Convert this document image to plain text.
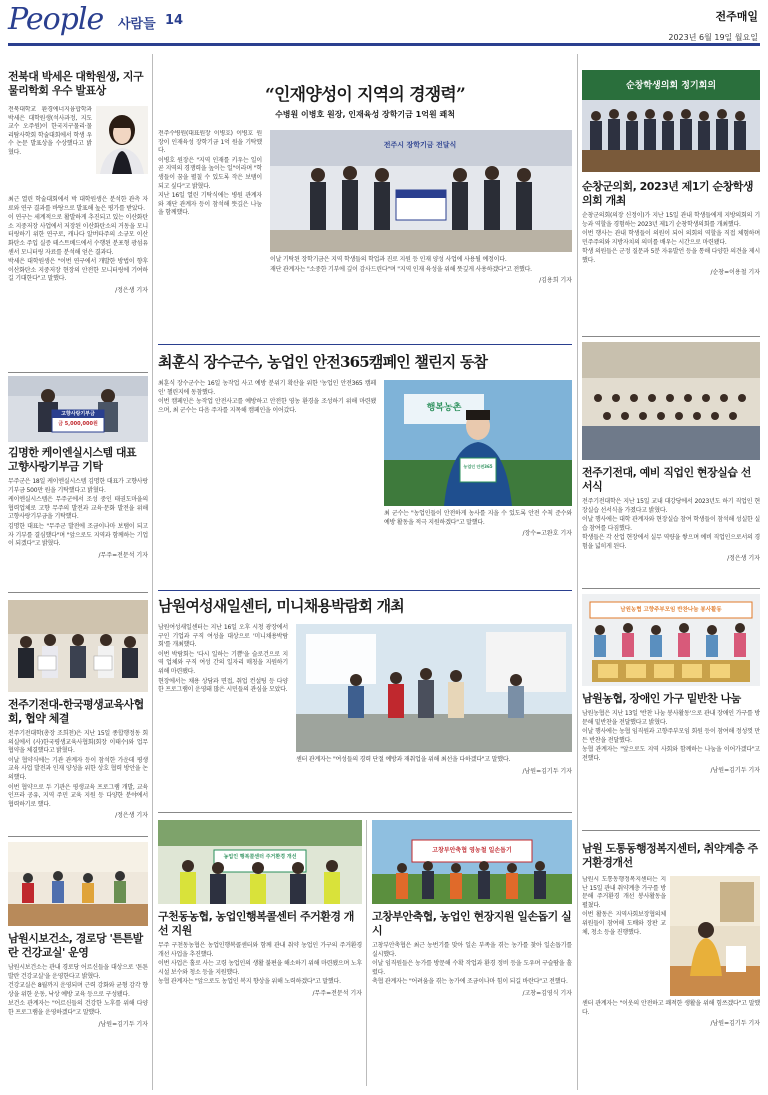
People 사람들 14	전주매일
2023년 6월 19일 월요일
전북대 박세은 대학원생, 지구물리학회 우수 발표상

전북대학교 환경에너지융합학과 박세은 대학원생(석사과정, 지도교수 오주원)이 한국지구물리·물리탐사학회 학술대회에서 학생 우수 논문 발표상을 수상했다고 밝혔다.

최근 열린 학술대회에서 박 대학원생은 분석한 관측 자료와 연구 결과를 바탕으로 발표해 높은 평가를 받았다.

이 연구는 세계적으로 활발하게 추진되고 있는 이산화탄소 지중저장 사업에서 저장된 이산화탄소의 거동을 모니터링하기 위한 연구로, 캐나다 알버타주의 소규모 이산화탄소 주입 실증 테스트베드에서 수행된 분포형 광섬유 센서 모니터링 자료를 분석해 얻은 결과다.

박세은 대학원생은 "이번 연구에서 개발한 방법이 향후 이산화탄소 지중저장 현장의 안전한 모니터링에 기여하길 기대한다"고 말했다.

/정은생 기자
고향사랑기부금
금 5,000,000원
김명한 케이엔실시스템 대표 고향사랑기부금 기탁

무주군은 18일 케이엔실시스템 김명한 대표가 고향사랑기부금 500만 원을 기탁했다고 밝혔다.

케이엔실시스템은 무주군에서 조성 중인 태권도마을의 협력업체로 고향 무주의 발전과 교육·문화 발전을 위해 고향사랑기부금을 기탁했다.

김명한 대표는 "무주군 발전에 조금이나마 보탬이 되고자 기부를 결심했다"며 "앞으로도 지역과 함께하는 기업이 되겠다"고 밝혔다.

/무주=전문석 기자
전주기전대-한국평생교육사협회, 협약 체결

전주기전대학(총장 조희천)은 지난 15일 종합행정동 회의실에서 (사)한국평생교육사협회(회장 이태수)와 업무협약을 체결했다고 밝혔다.

이날 협약식에는 기관 관계자 등이 참석한 가운데 평생교육 사업 발전과 인재 양성을 위한 상호 협력 방안을 논의했다.

이번 협약으로 두 기관은 평생교육 프로그램 개발, 교육 인프라 공유, 지역 주민 교육 지원 등 다양한 분야에서 협력하기로 했다.

/정은생 기자
남원시보건소, 경로당 '튼튼발란 건강교실' 운영

남원시보건소는 관내 경로당 어르신들을 대상으로 '튼튼발란 건강교실'을 운영한다고 밝혔다.

건강교실은 8월까지 운영되며 근력 강화와 균형 감각 향상을 위한 운동, 낙상 예방 교육 등으로 구성됐다.

보건소 관계자는 "어르신들의 건강한 노후를 위해 다양한 프로그램을 운영하겠다"고 말했다.

/남원=김기두 기자
“인재양성이 지역의 경쟁력”
수병원 이병호 원장, 인재육성 장학기금 1억원 쾌척

전주수병원(대표원장 이병호) 이병호 원장이 인재육성 장학기금 1억 원을 기탁했다.

이병호 원장은 "지역 인재를 키우는 일이 곧 지역의 경쟁력을 높이는 일"이라며 "학생들이 꿈을 펼칠 수 있도록 작은 보탬이 되고 싶다"고 밝혔다.

지난 16일 열린 기탁식에는 병원 관계자와 재단 관계자 등이 참석해 뜻깊은 나눔을 함께했다.

전주시 장학기금 전달식

이날 기탁된 장학기금은 지역 학생들의 학업과 진로 지원 등 인재 양성 사업에 사용될 예정이다.

재단 관계자는 "소중한 기부에 깊이 감사드린다"며 "지역 인재 육성을 위해 뜻깊게 사용하겠다"고 전했다.

/김용희 기자
최훈식 장수군수, 농업인 안전365캠페인 챌린지 동참

최훈식 장수군수는 16일 농작업 사고 예방 분위기 확산을 위한 '농업인 안전365 캠페인' 챌린지에 동참했다.

이번 캠페인은 농작업 안전사고를 예방하고 안전한 영농 환경을 조성하기 위해 마련됐으며, 최 군수는 다음 주자를 지목해 캠페인을 이어갔다.	행복농촌
농업인 안전365

최 군수는 "농업인들이 안전하게 농사를 지을 수 있도록 안전 수칙 준수와 예방 활동을 적극 지원하겠다"고 말했다.

/장수=고완호 기자
남원여성새일센터, 미니채용박람회 개최

남원여성새일센터는 지난 16일 오후 시청 광장에서 구인 기업과 구직 여성을 대상으로 '미니채용박람회'를 개최했다.

이번 박람회는 '다시 일하는 기쁨'을 슬로건으로 지역 업체와 구직 여성 간의 일자리 매칭을 지원하기 위해 마련됐다.

현장에서는 채용 상담과 면접, 취업 컨설팅 등 다양한 프로그램이 운영돼 많은 시민들의 관심을 모았다.

센터 관계자는 "여성들의 경력 단절 예방과 재취업을 위해 최선을 다하겠다"고 말했다.

/남원=김기두 기자
농업인 행복콜센터 주거환경 개선
구천동농협, 농업인행복콜센터 주거환경 개선 지원

무주 구천동농협은 농업인행복콜센터와 함께 관내 취약 농업인 가구의 주거환경 개선 사업을 추진했다.

이번 사업은 홀로 사는 고령 농업인의 생활 불편을 해소하기 위해 마련됐으며 노후 시설 보수와 청소 등을 지원했다.

농협 관계자는 "앞으로도 농업인 복지 향상을 위해 노력하겠다"고 말했다.

/무주=전문석 기자
고창부안축협 영농철 일손돕기
고창부안축협, 농업인 현장지원 일손돕기 실시

고창부안축협은 최근 농번기를 맞아 일손 부족을 겪는 농가를 찾아 일손돕기를 실시했다.

이날 임직원들은 농가를 방문해 수확 작업과 환경 정비 등을 도우며 구슬땀을 흘렸다.

축협 관계자는 "어려움을 겪는 농가에 조금이나마 힘이 되길 바란다"고 전했다.

/고창=김영식 기자
순창학생의회 정기회의
순창군의회, 2023년 제1기 순창학생의회 개최

순창군의회(의장 신정이)가 지난 15일 관내 학생들에게 지방의회의 기능과 역할을 경험하는 2023년 제1기 순창학생의회를 개최했다.

이번 행사는 관내 학생들이 의원이 되어 의회의 역할을 직접 체험하며 민주주의와 지방자치의 의미를 배우는 시간으로 마련됐다.

학생 의원들은 군정 질문과 5분 자유발언 등을 통해 다양한 의견을 제시했다.

/순창=이용철 기자
전주기전대, 예비 직업인 현장실습 선서식

전주기전대학은 지난 15일 교내 대강당에서 2023년도 하기 직업인 현장실습 선서식을 가졌다고 밝혔다.

이날 행사에는 대학 관계자와 현장실습 참여 학생들이 참석해 성실한 실습 참여를 다짐했다.

학생들은 각 산업 현장에서 실무 역량을 쌓으며 예비 직업인으로서의 경험을 넓히게 된다.

/정은생 기자
남원농협 고향주부모임 반찬나눔 봉사활동
남원농협, 장애인 가구 밑반찬 나눔

남원농협은 지난 13일 '반찬 나눔 봉사활동'으로 관내 장애인 가구를 방문해 밑반찬을 전달했다고 밝혔다.

이날 행사에는 농협 임직원과 고향주부모임 회원 등이 참여해 정성껏 만든 반찬을 전달했다.

농협 관계자는 "앞으로도 지역 사회와 함께하는 나눔을 이어가겠다"고 전했다.

/남원=김기두 기자
남원 도통동행정복지센터, 취약계층 주거환경개선

남원시 도통동행정복지센터는 지난 15일 관내 취약계층 가구를 방문해 주거환경 개선 봉사활동을 펼쳤다.

이번 활동은 지역사회보장협의체 위원들이 참여해 도배와 장판 교체, 청소 등을 진행했다.

센터 관계자는 "이웃의 안전하고 쾌적한 생활을 위해 힘쓰겠다"고 말했다.

/남원=김기두 기자
